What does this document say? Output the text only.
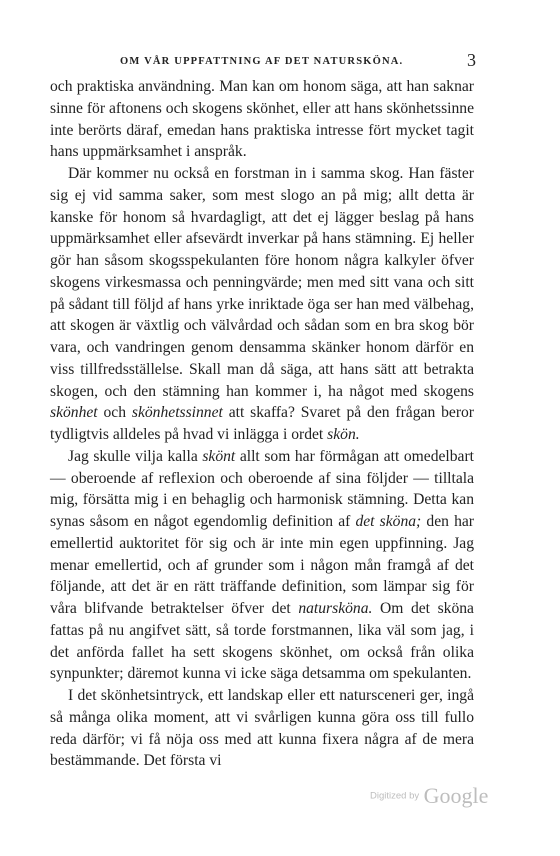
OM VÅR UPPFATTNING AF DET NATURSKÖNA.	3

och praktiska användning. Man kan om honom säga, att han saknar sinne för aftonens och skogens skönhet, eller att hans skönhetssinne inte berörts däraf, emedan hans praktiska intresse fört mycket tagit hans uppmärksamhet i anspråk.

Där kommer nu också en forstman in i samma skog. Han fäster sig ej vid samma saker, som mest slogo an på mig; allt detta är kanske för honom så hvardagligt, att det ej lägger beslag på hans uppmärksamhet eller afsevärdt inverkar på hans stämning. Ej heller gör han såsom skogsspekulanten före honom några kalkyler öfver skogens virkesmassa och penningvärde; men med sitt vana och sitt på sådant till följd af hans yrke inriktade öga ser han med välbehag, att skogen är växtlig och välvårdad och sådan som en bra skog bör vara, och vandringen genom densamma skänker honom därför en viss tillfredsställelse. Skall man då säga, att hans sätt att betrakta skogen, och den stämning han kommer i, ha något med skogens skönhet och skönhetssinnet att skaffa? Svaret på den frågan beror tydligtvis alldeles på hvad vi inlägga i ordet skön.

Jag skulle vilja kalla skönt allt som har förmågan att omedelbart — oberoende af reflexion och oberoende af sina följder — tilltala mig, försätta mig i en behaglig och harmonisk stämning. Detta kan synas såsom en något egendomlig definition af det sköna; den har emellertid auktoritet för sig och är inte min egen uppfinning. Jag menar emellertid, och af grunder som i någon mån framgå af det följande, att det är en rätt träffande definition, som lämpar sig för våra blifvande betraktelser öfver det natursköna. Om det sköna fattas på nu angifvet sätt, så torde forstmannen, lika väl som jag, i det anförda fallet ha sett skogens skönhet, om också från olika synpunkter; däremot kunna vi icke säga detsamma om spekulanten.

I det skönhetsintryck, ett landskap eller ett natursceneri ger, ingå så många olika moment, att vi svårligen kunna göra oss till fullo reda därför; vi få nöja oss med att kunna fixera några af de mera bestämmande. Det första vi

Digitized by Google
